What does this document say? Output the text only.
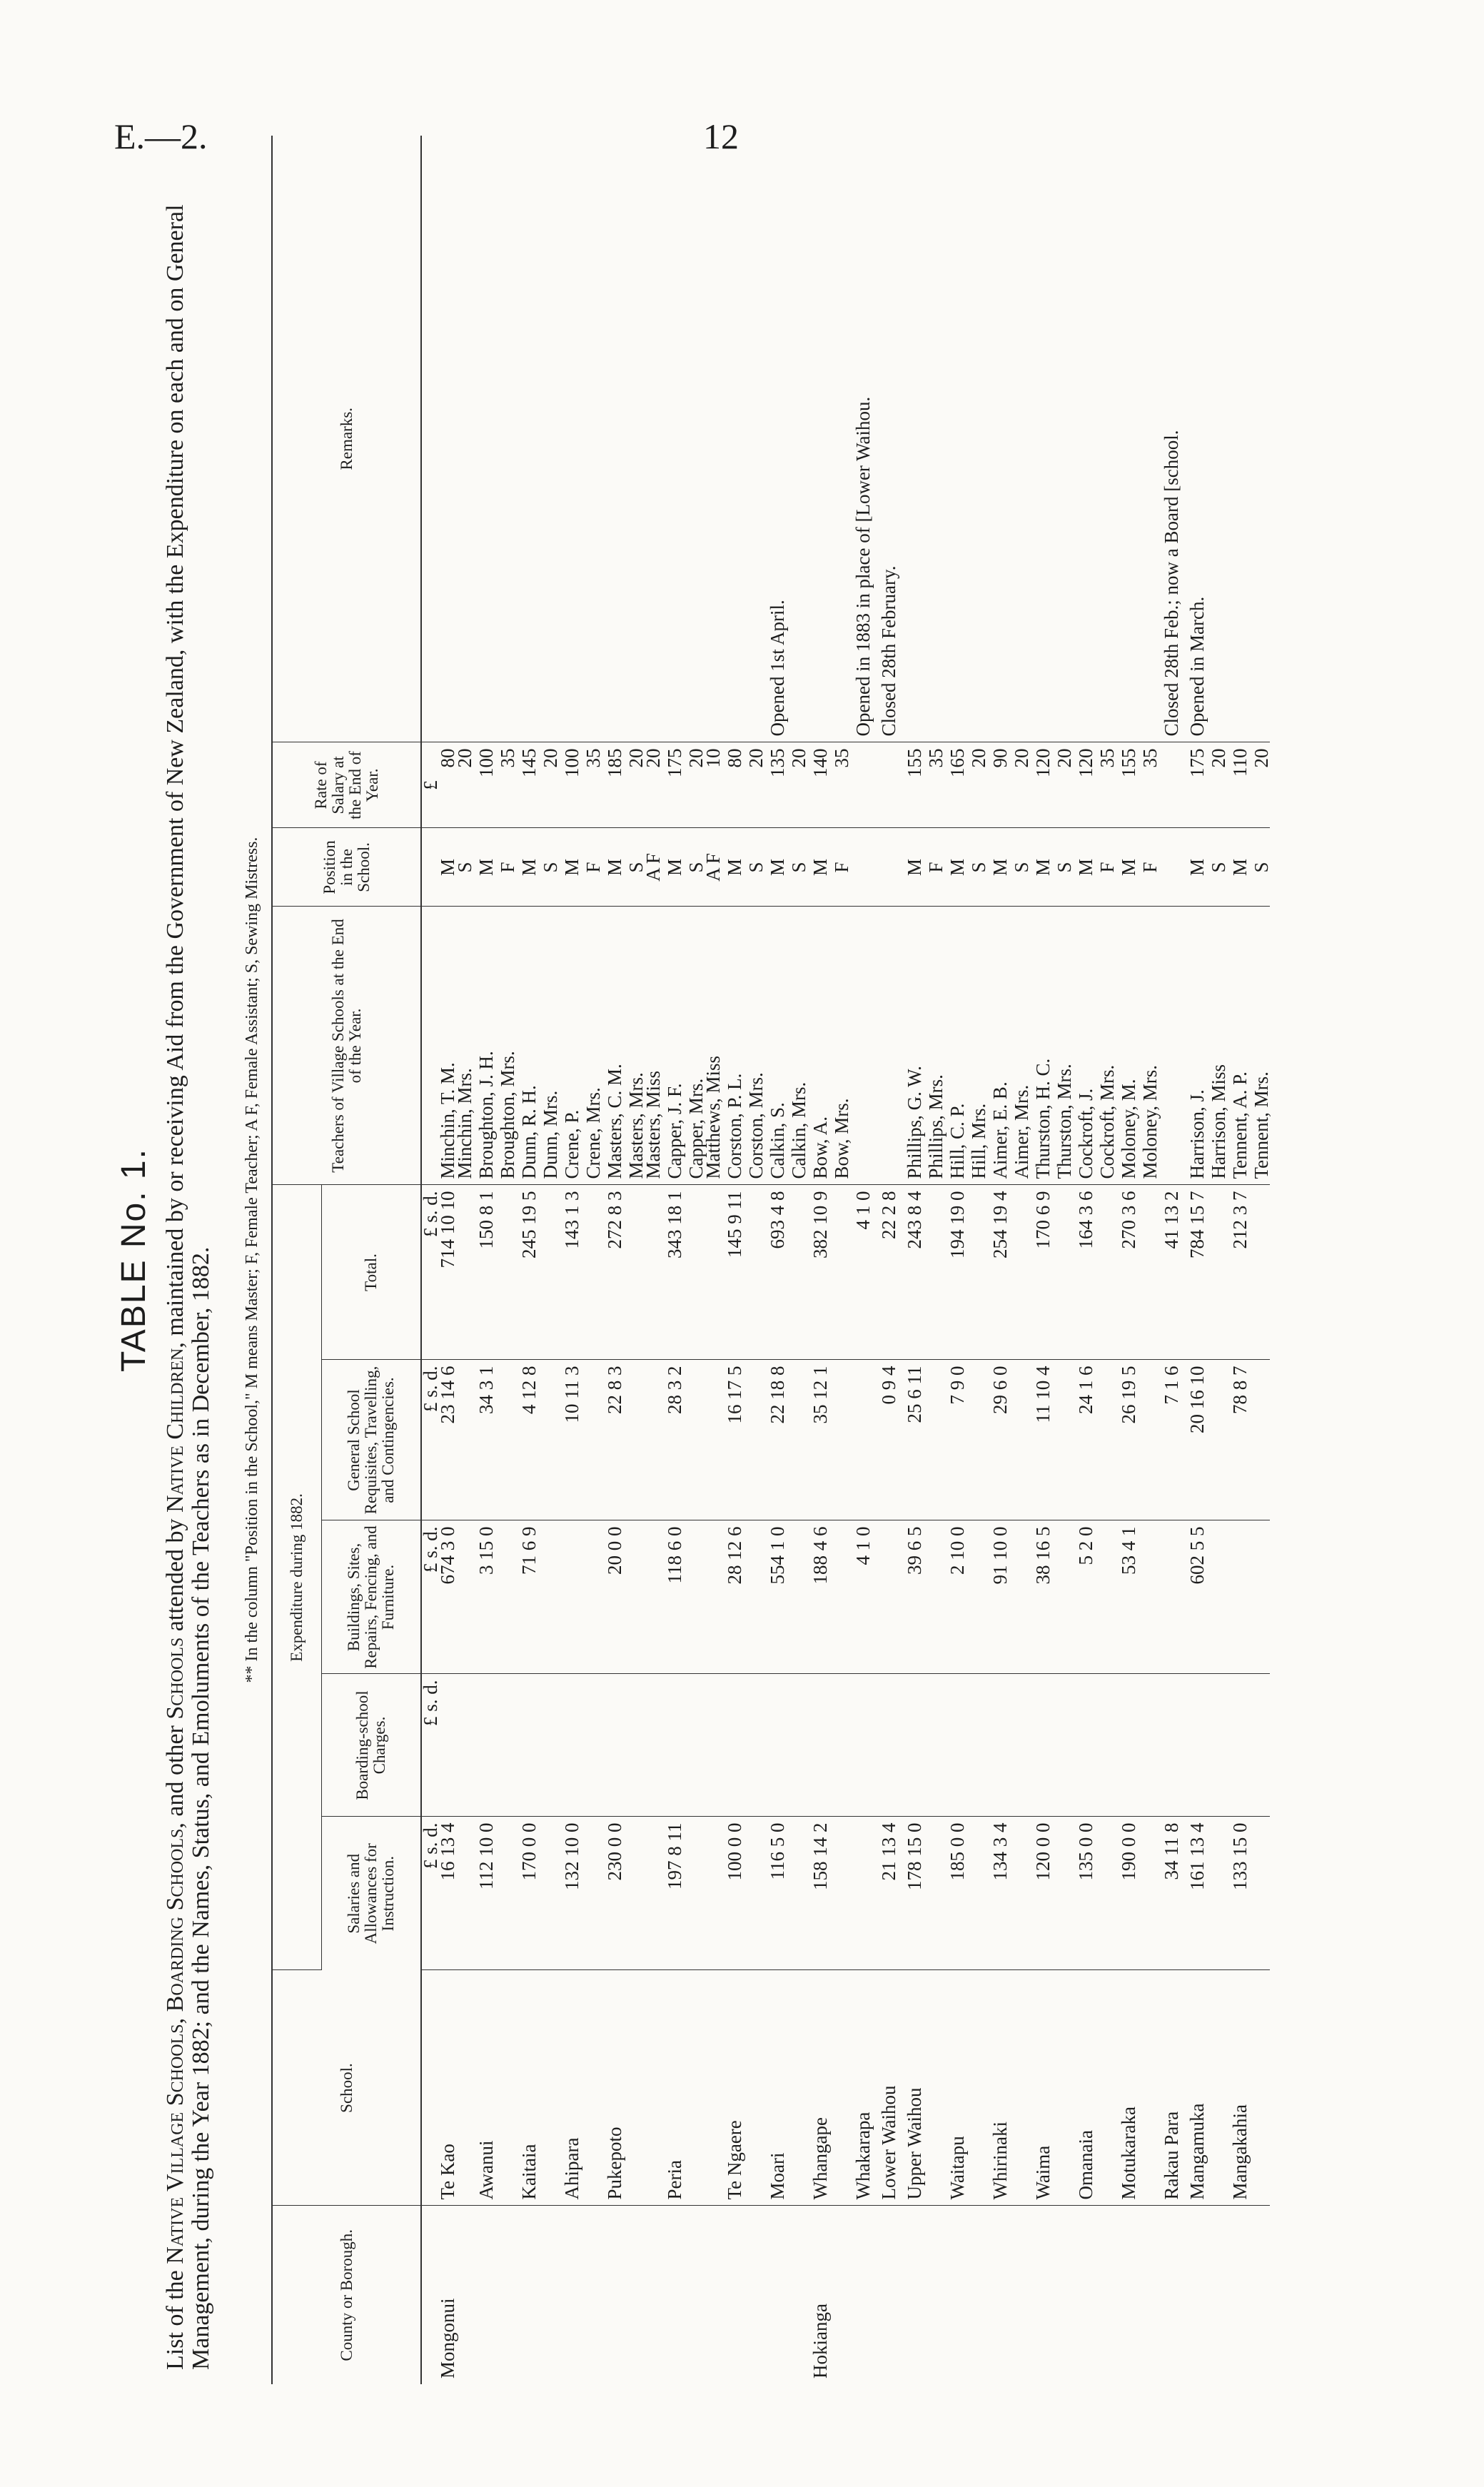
E.—2.	12
TABLE No. 1.
List of the Native Village Schools, Boarding Schools, and other Schools attended by Native Children, maintained by or receiving Aid from the Government of New Zealand, with the Expenditure on each and on General Management, during the Year 1882; and the Names, Status, and Emoluments of the Teachers as in December, 1882.	** In the column "Position in the School," M means Master; F, Female Teacher; A F, Female Assistant; S, Sewing Mistress.
County or Borough.	School.	Expenditure during 1882.					Teachers of Village Schools at the End of the Year.	Position in the School.	Rate of Salary at the End of Year.	Remarks.
		Salaries and Allowances for Instruction.	Boarding-school Charges.	Buildings, Sites, Repairs, Fencing, and Furniture.	General School Requisites, Travelling, and Contingencies.	Total.				
		£ s. d.	£ s. d.	£ s. d.	£ s. d.	£ s. d.			£	
Mongonui	Te Kao	16 13 4		674 3 0	23 14 6	714 10 10	Minchin, T. M.	M	80	
							Minchin, Mrs.	S	20	
	Awanui	112 10 0		3 15 0	34 3 1	150 8 1	Broughton, J. H.	M	100	
							Broughton, Mrs.	F	35	
	Kaitaia	170 0 0		71 6 9	4 12 8	245 19 5	Dunn, R. H.	M	145	
							Dunn, Mrs.	S	20	
	Ahipara	132 10 0			10 11 3	143 1 3	Crene, P.	M	100	
							Crene, Mrs.	F	35	
	Pukepoto	230 0 0		20 0 0	22 8 3	272 8 3	Masters, C. M.	M	185	
							Masters, Mrs.	S	20	
							Masters, Miss	A F	20	
	Peria	197 8 11		118 6 0	28 3 2	343 18 1	Capper, J. F.	M	175	
							Capper, Mrs.	S	20	
							Matthews, Miss	A F	10	
	Te Ngaere	100 0 0		28 12 6	16 17 5	145 9 11	Corston, P. L.	M	80	
							Corston, Mrs.	S	20	
	Moari	116 5 0		554 1 0	22 18 8	693 4 8	Calkin, S.	M	135	Opened 1st April.
							Calkin, Mrs.	S	20	
Hokianga	Whangape	158 14 2		188 4 6	35 12 1	382 10 9	Bow, A.	M	140	
							Bow, Mrs.	F	35	
	Whakarapa			4 1 0		4 1 0				Opened in 1883 in place of [Lower Waihou.
	Lower Waihou	21 13 4			0 9 4	22 2 8				Closed 28th February.
	Upper Waihou	178 15 0		39 6 5	25 6 11	243 8 4	Phillips, G. W.	M	155	
							Phillips, Mrs.	F	35	
	Waitapu	185 0 0		2 10 0	7 9 0	194 19 0	Hill, C. P.	M	165	
							Hill, Mrs.	S	20	
	Whirinaki	134 3 4		91 10 0	29 6 0	254 19 4	Aimer, E. B.	M	90	
							Aimer, Mrs.	S	20	
	Waima	120 0 0		38 16 5	11 10 4	170 6 9	Thurston, H. C.	M	120	
							Thurston, Mrs.	S	20	
	Omanaia	135 0 0		5 2 0	24 1 6	164 3 6	Cockroft, J.	M	120	
							Cockroft, Mrs.	F	35	
	Motukaraka	190 0 0		53 4 1	26 19 5	270 3 6	Moloney, M.	M	155	
							Moloney, Mrs.	F	35	
	Rakau Para	34 11 8			7 1 6	41 13 2				Closed 28th Feb.; now a Board [school.
	Mangamuka	161 13 4		602 5 5	20 16 10	784 15 7	Harrison, J.	M	175	Opened in March.
							Harrison, Miss	S	20	
	Mangakahia	133 15 0			78 8 7	212 3 7	Tennent, A. P.	M	110	
							Tennent, Mrs.	S	20	
